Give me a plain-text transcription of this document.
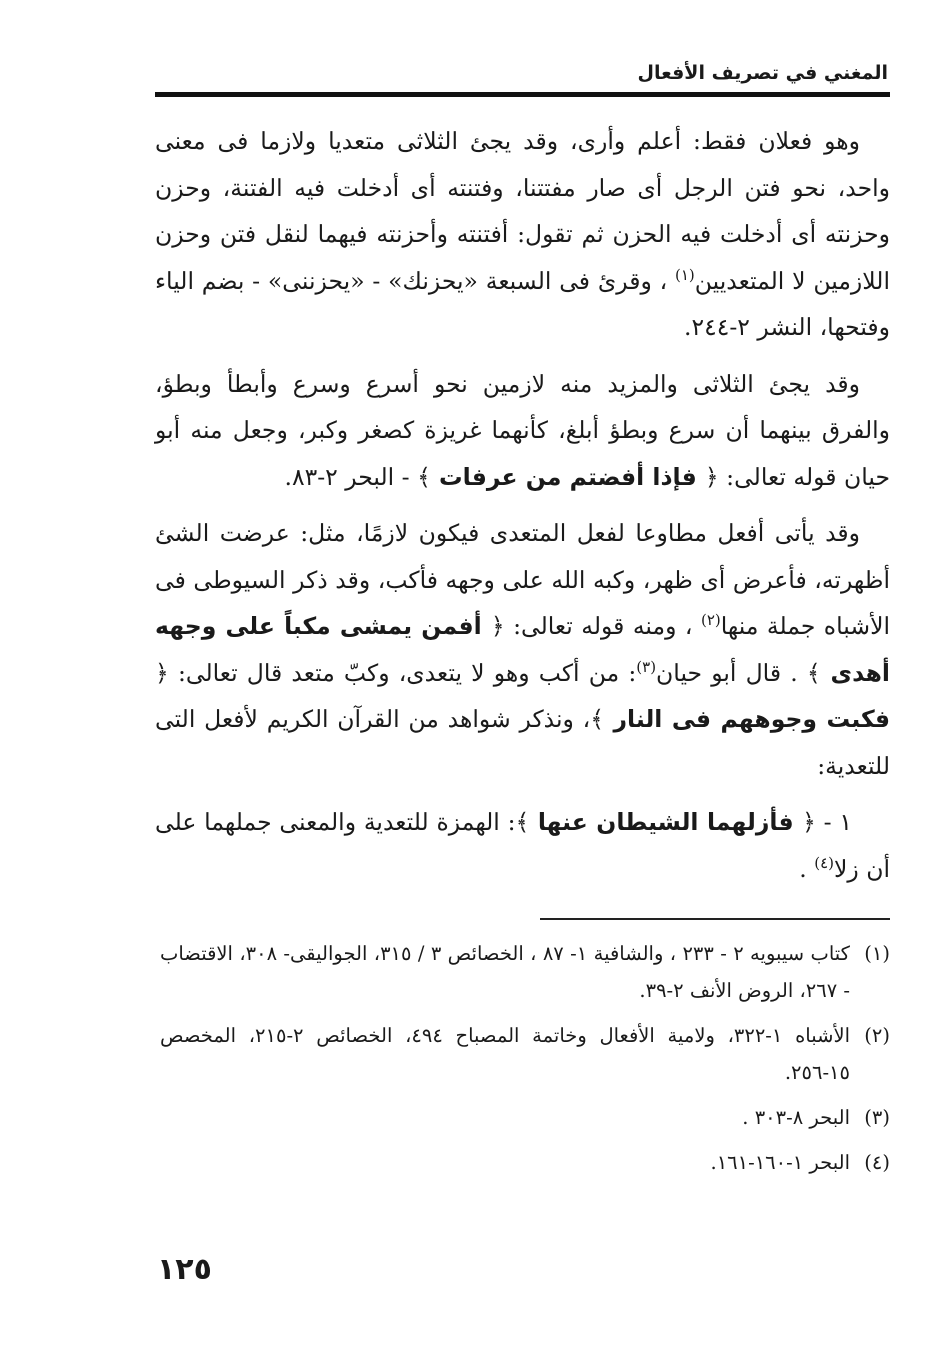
المغني في تصريف الأفعال

وهو فعلان فقط: أعلم وأرى، وقد يجئ الثلاثى متعديا ولازما فى معنى واحد، نحو فتن الرجل أى صار مفتتنا، وفتنته أى أدخلت فيه الفتنة، وحزن وحزنته أى أدخلت فيه الحزن ثم تقول: أفتنته وأحزنته فيهما لنقل فتن وحزن اللازمين لا المتعديين$^{(١)}$ ، وقرئ فى السبعة «يحزنك» - «يحزننى» - بضم الياء وفتحها، النشر ٢-٢٤٤.

وقد يجئ الثلاثى والمزيد منه لازمين نحو أسرع وسرع وأبطأ وبطؤ، والفرق بينهما أن سرع وبطؤ أبلغ، كأنهما غريزة كصغر وكبر، وجعل منه أبو حيان قوله تعالى: ﴿ فإذا أفضتم من عرفات ﴾ - البحر ٢-٨٣.

وقد يأتى أفعل مطاوعا لفعل المتعدى فيكون لازمًا، مثل: عرضت الشئ أظهرته، فأعرض أى ظهر، وكبه الله على وجهه فأكب، وقد ذكر السيوطى فى الأشباه جملة منها$^{(٢)}$ ، ومنه قوله تعالى: ﴿ أفمن يمشى مكباً على وجهه أهدى ﴾ . قال أبو حيان$^{(٣)}$: من أكب وهو لا يتعدى، وكبّ متعد قال تعالى: ﴿ فكبت وجوههم فى النار ﴾، ونذكر شواهد من القرآن الكريم لأفعل التى للتعدية:

١ - ﴿ فأزلهما الشيطان عنها ﴾: الهمزة للتعدية والمعنى جملهما على أن زلا$^{(٤)}$ .

(١)
كتاب سيبويه ٢ - ٢٣٣ ، والشافية ١- ٨٧ ، الخصائص ٣ / ٣١٥، الجواليقى- ٣٠٨، الاقتضاب - ٢٦٧، الروض الأنف ٢-٣٩.
(٢)
الأشباه ١-٣٢٢، ولامية الأفعال وخاتمة المصباح ٤٩٤، الخصائص ٢-٢١٥، المخصص ١٥-٢٥٦.
(٣)
البحر ٨-٣٠٣ .
(٤)
البحر ١-١٦٠-١٦١.
١٢٥
